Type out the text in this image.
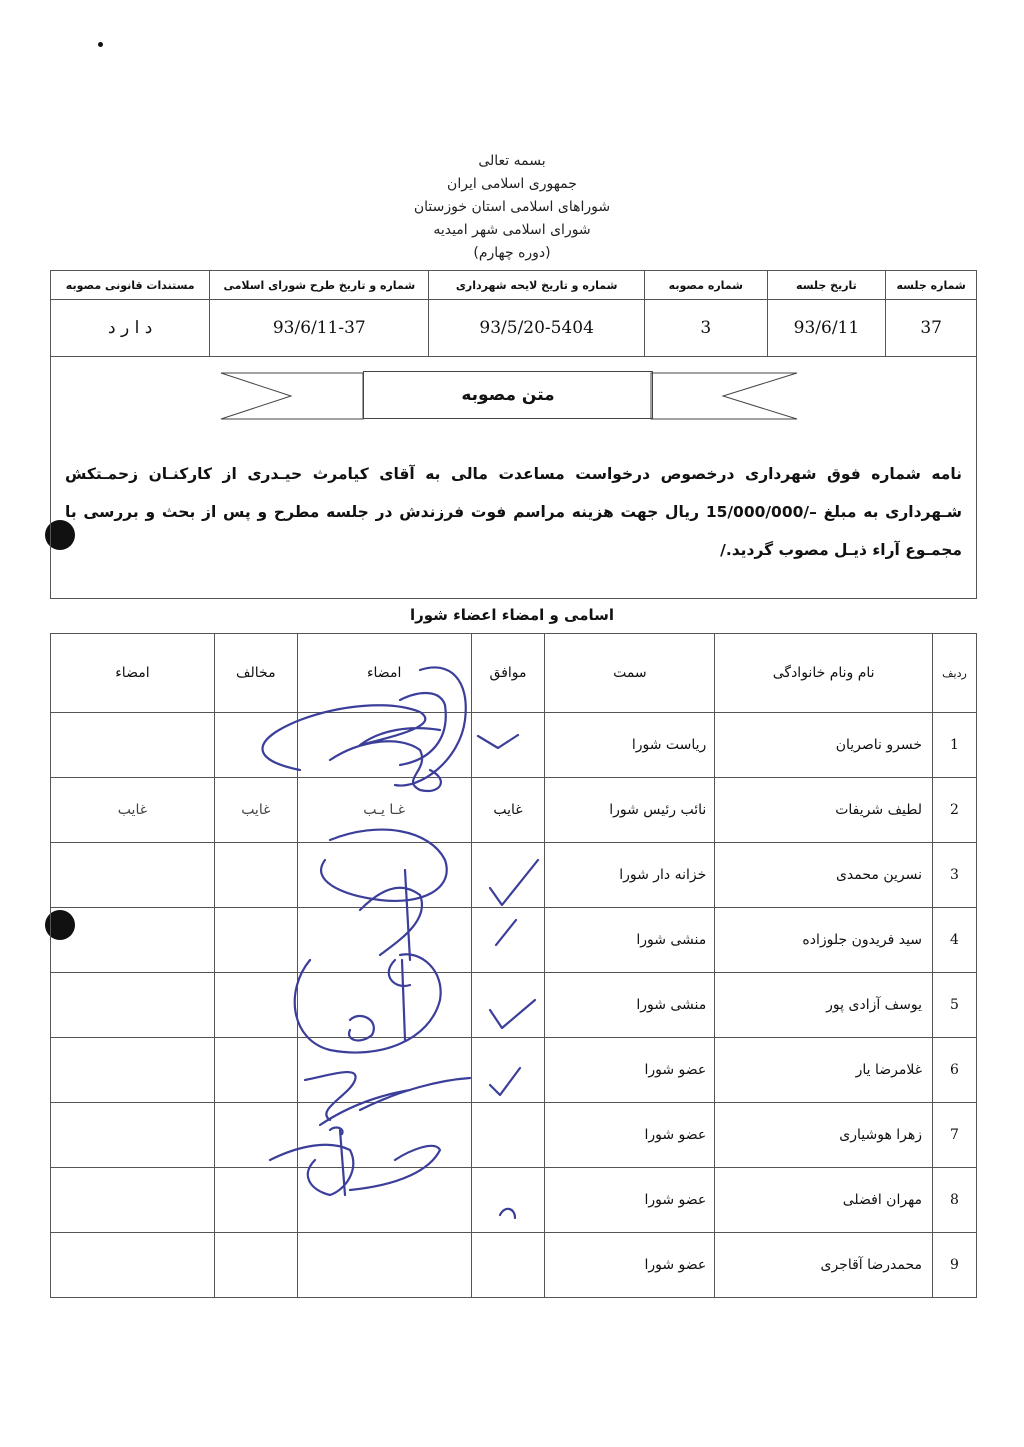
بسمه تعالی
جمهوری اسلامی ایران
شوراهای اسلامی استان خوزستان
شورای اسلامی شهر امیدیه
(دوره چهارم)
شماره جلسه	تاریخ جلسه	شماره مصوبه	شماره و تاریخ لایحه شهرداری	شماره و تاریخ طرح شورای اسلامی	مستندات قانونی مصوبه
37	93/6/11	3	93/5/20-5404	93/6/11-37	د ا ر د
متن مصوبه
نامه شماره فوق شهرداری درخصوص درخواست مساعدت مالی به آقای کیامرث حیـدری از کارکنـان زحمـتکش شـهرداری به مبلغ –/15/000/000 ریال جهت هزینه مراسم فوت فرزندش در جلسه مطرح و پس از بحث و بررسی با مجمـوع آراء ذیـل مصوب گردید./
اسامی و امضاء اعضاء شورا
ردیف	نام ونام خانوادگی	سمت	موافق	امضاء	مخالف	امضاء
1	خسرو ناصریان	ریاست شورا				
2	لطیف شریفات	نائب رئیس شورا	غایب	غـا یـب	غایب	غایب
3	نسرین محمدی	خزانه دار شورا				
4	سید فریدون جلوزاده	منشی شورا				
5	یوسف آزادی پور	منشی شورا				
6	غلامرضا یار	عضو شورا				
7	زهرا هوشیاری	عضو شورا				
8	مهران افضلی	عضو شورا				
9	محمدرضا آقاجری	عضو شورا				
